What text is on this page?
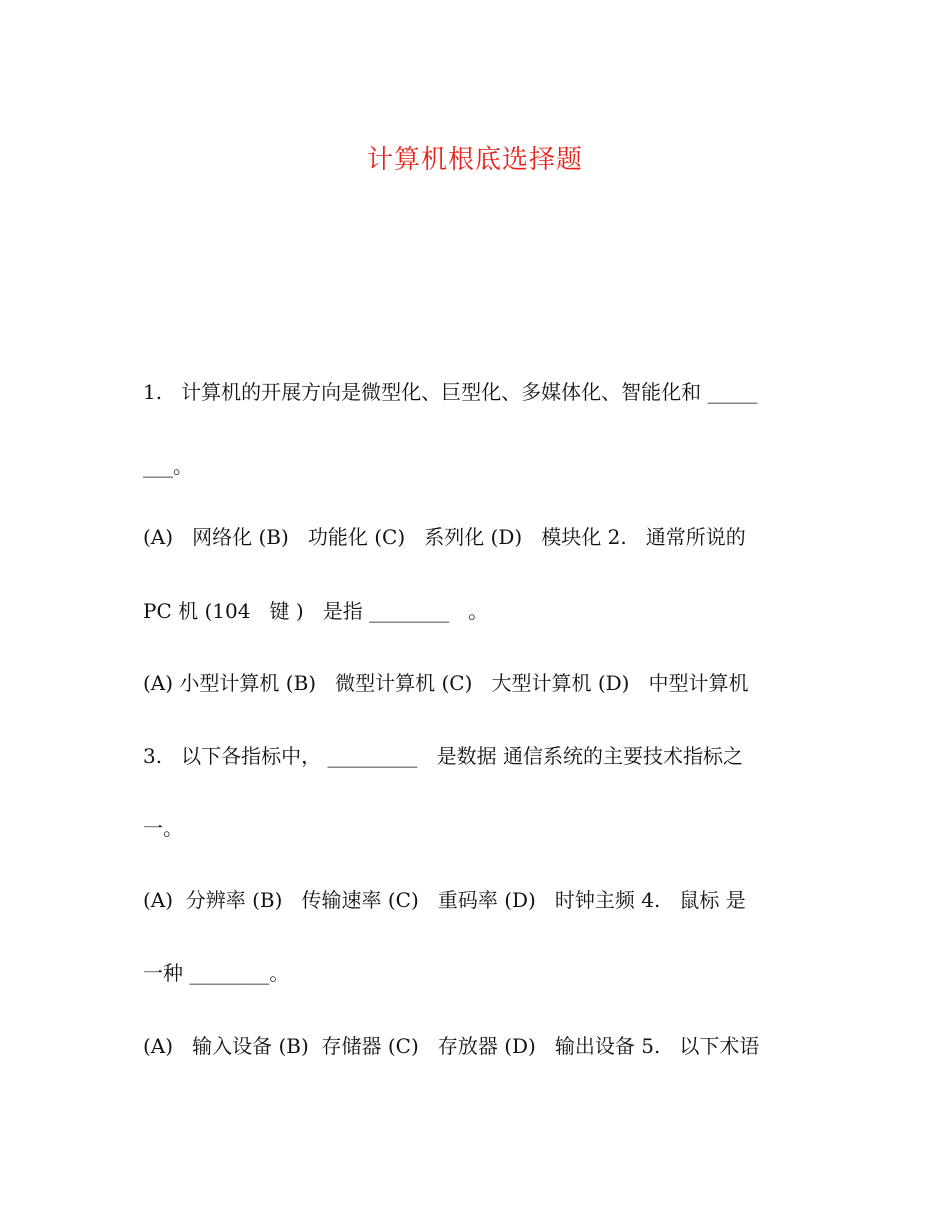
计算机根底选择题
1.   计算机的开展方向是微型化、巨型化、多媒体化、智能化和 _____
___。
(A)   网络化 (B)   功能化 (C)   系列化 (D)   模块化 2.   通常所说的
PC 机 (104   键 )   是指 ________   。
(A) 小型计算机 (B)   微型计算机 (C)   大型计算机 (D)   中型计算机
3.   以下各指标中， _________   是数据 通信系统的主要技术指标之
一。
(A)  分辨率 (B)   传输速率 (C)   重码率 (D)   时钟主频 4.   鼠标 是
一种 ________。
(A)   输入设备 (B)  存储器 (C)   存放器 (D)   输出设备 5.   以下术语
